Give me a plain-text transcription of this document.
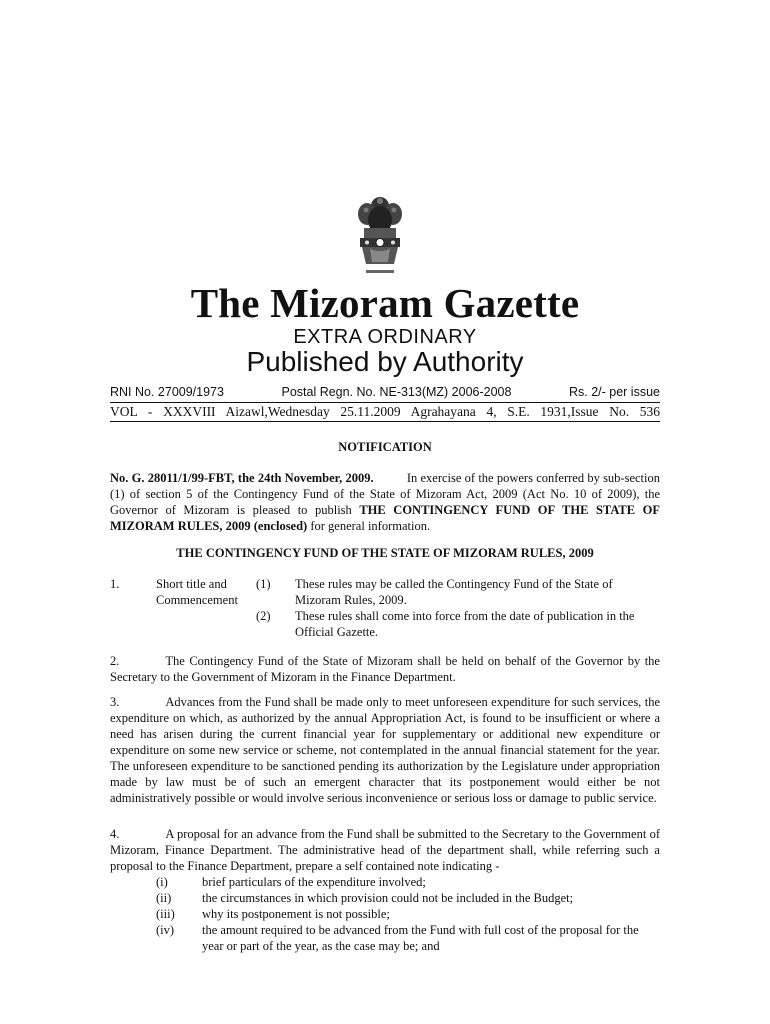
The Mizoram Gazette
EXTRA ORDINARY
Published by Authority
RNI No. 27009/1973	Postal Regn. No. NE-313(MZ) 2006-2008	Rs. 2/- per issue
VOL - XXXVIII Aizawl,Wednesday 25.11.2009 Agrahayana 4, S.E. 1931,Issue No. 536
NOTIFICATION
No. G. 28011/1/99-FBT, the 24th November, 2009.	In exercise of the powers conferred by sub-section (1) of section 5 of the Contingency Fund of the State of Mizoram Act, 2009 (Act No. 10 of 2009), the Governor of Mizoram is pleased to publish THE CONTINGENCY FUND OF THE STATE OF MIZORAM RULES, 2009 (enclosed) for general information.
THE CONTINGENCY FUND OF THE STATE OF MIZORAM RULES, 2009
1.	Short title and Commencement
(1) These rules may be called the Contingency Fund of the State of Mizoram Rules, 2009.
(2) These rules shall come into force from the date of publication in the Official Gazette.
2.	The Contingency Fund of the State of Mizoram shall be held on behalf of the Governor by the Secretary to the Government of Mizoram in the Finance Department.
3.	Advances from the Fund shall be made only to meet unforeseen expenditure for such services, the expenditure on which, as authorized by the annual Appropriation Act, is found to be insufficient or where a need has arisen during the current financial year for supplementary or additional new expenditure or expenditure on some new service or scheme, not contemplated in the annual financial statement for the year. The unforeseen expenditure to be sanctioned pending its authorization by the Legislature under appropriation made by law must be of such an emergent character that its postponement would either be not administratively possible or would involve serious inconvenience or serious loss or damage to public service.
4.	A proposal for an advance from the Fund shall be submitted to the Secretary to the Government of Mizoram, Finance Department. The administrative head of the department shall, while referring such a proposal to the Finance Department, prepare a self contained note indicating -
(i)	brief particulars of the expenditure involved;
(ii)	the circumstances in which provision could not be included in the Budget;
(iii)	why its postponement is not possible;
(iv)	the amount required to be advanced from the Fund with full cost of the proposal for the year or part of the year, as the case may be; and
